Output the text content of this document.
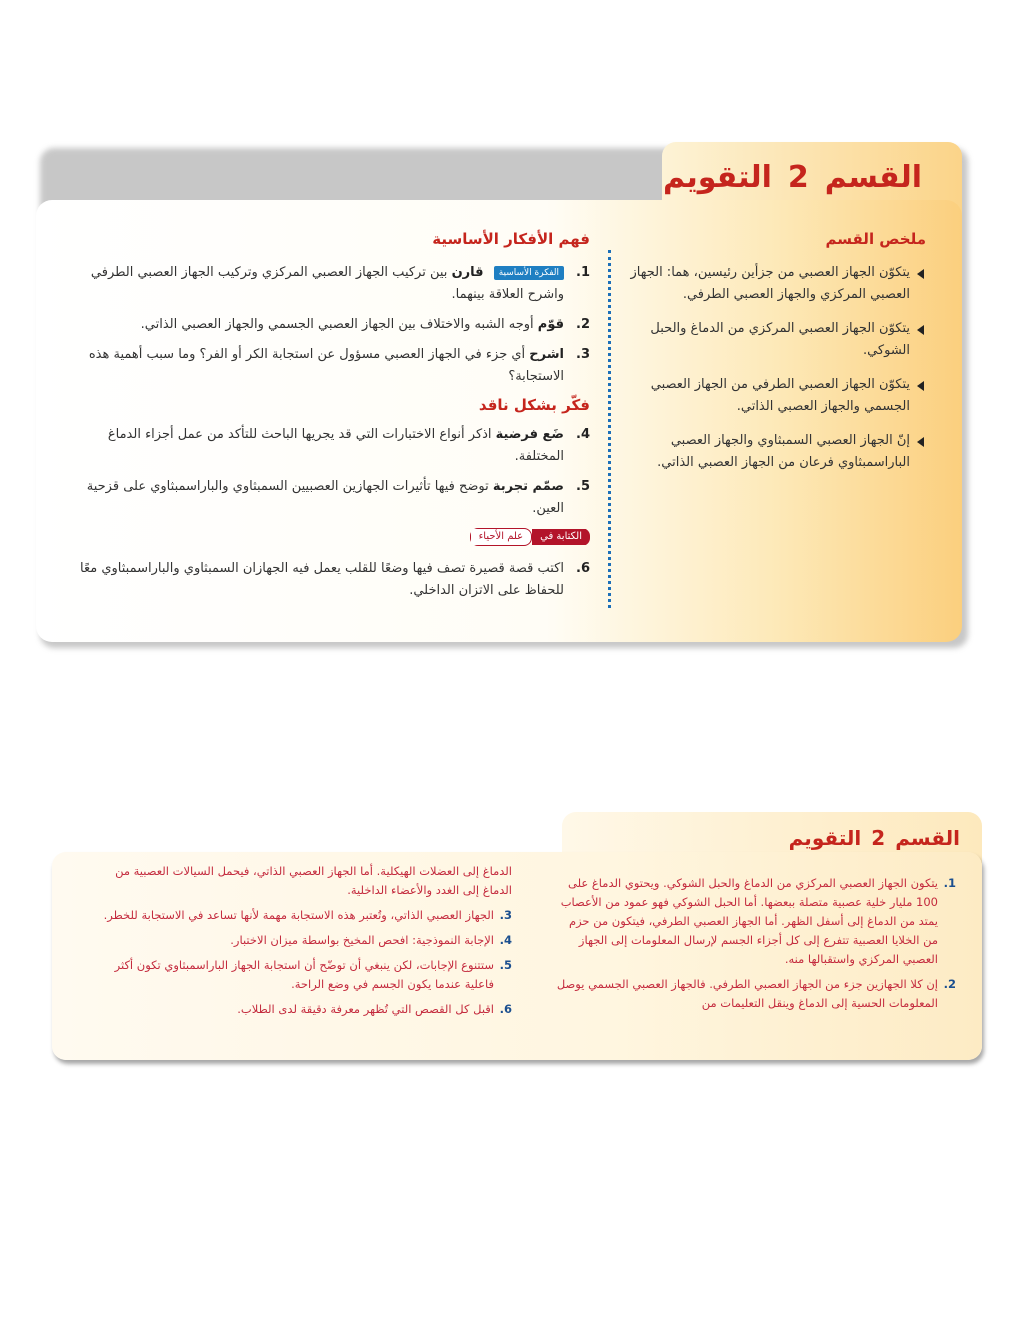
القسم2التقويم
ملخص القسم
يتكوّن الجهاز العصبي من جزأين رئيسين، هما: الجهاز العصبي المركزي والجهاز العصبي الطرفي.
يتكوّن الجهاز العصبي المركزي من الدماغ والحبل الشوكي.
يتكوّن الجهاز العصبي الطرفي من الجهاز العصبي الجسمي والجهاز العصبي الذاتي.
إنّ الجهاز العصبي السمبثاوي والجهاز العصبي الباراسمبثاوي فرعان من الجهاز العصبي الذاتي.
فهم الأفكار الأساسية
1.
الفكرة الأساسية قارن بين تركيب الجهاز العصبي المركزي وتركيب الجهاز العصبي الطرفي واشرح العلاقة بينهما.
2.
قوّم أوجه الشبه والاختلاف بين الجهاز العصبي الجسمي والجهاز العصبي الذاتي.
3.
اشرح أي جزء في الجهاز العصبي مسؤول عن استجابة الكر أو الفر؟ وما سبب أهمية هذه الاستجابة؟
فكّر بشكل ناقد
4.
ضَع فرضية اذكر أنواع الاختبارات التي قد يجريها الباحث للتأكد من عمل أجزاء الدماغ المختلفة.
5.
صمّم تجربة توضح فيها تأثيرات الجهازين العصبيين السمبثاوي والباراسمبثاوي على قزحية العين.
الكتابة فيعلم الأحياء
6.
اكتب قصة قصيرة تصف فيها وضعًا للقلب يعمل فيه الجهازان السمبثاوي والباراسمبثاوي معًا للحفاظ على الاتزان الداخلي.
القسم2التقويم
1.
يتكون الجهاز العصبي المركزي من الدماغ والحبل الشوكي. ويحتوي الدماغ على 100 مليار خلية عصبية متصلة ببعضها. أما الحبل الشوكي فهو عمود من الأعصاب يمتد من الدماغ إلى أسفل الظهر. أما الجهاز العصبي الطرفي، فيتكون من حزم من الخلايا العصبية تتفرع إلى كل أجزاء الجسم لإرسال المعلومات إلى الجهاز العصبي المركزي واستقبالها منه.
2.
إن كلا الجهازين جزء من الجهاز العصبي الطرفي. فالجهاز العصبي الجسمي يوصل المعلومات الحسية إلى الدماغ وينقل التعليمات من
الدماغ إلى العضلات الهيكلية. أما الجهاز العصبي الذاتي، فيحمل السيالات العصبية من الدماغ إلى الغدد والأعضاء الداخلية.
3.
الجهاز العصبي الذاتي، وتُعتبر هذه الاستجابة مهمة لأنها تساعد في الاستجابة للخطر.
4.
الإجابة النموذجية: افحص المخيخ بواسطة ميزان الاختبار.
5.
ستتنوع الإجابات، لكن ينبغي أن توضّح أن استجابة الجهاز الباراسمبثاوي تكون أكثر فاعلية عندما يكون الجسم في وضع الراحة.
6.
اقبل كل القصص التي تُظهر معرفة دقيقة لدى الطلاب.
